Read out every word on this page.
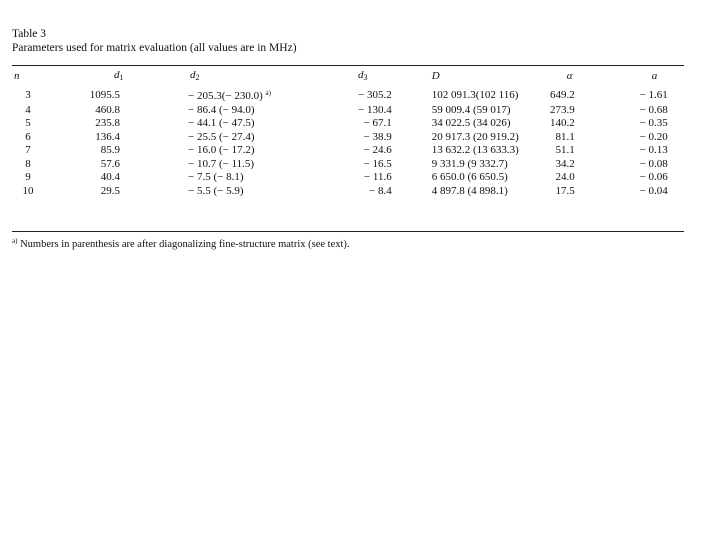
Table 3
Parameters used for matrix evaluation (all values are in MHz)
n	$d_1$	$d_2$	$d_3$	D	α	a
3	1095.5	− 205.3(− 230.0) $^{a)}$	− 305.2	102 091.3(102 116)	649.2	− 1.61
4	460.8	− 86.4 (− 94.0)	− 130.4	59 009.4 (59 017)	273.9	− 0.68
5	235.8	− 44.1 (− 47.5)	− 67.1	34 022.5 (34 026)	140.2	− 0.35
6	136.4	− 25.5 (− 27.4)	− 38.9	20 917.3 (20 919.2)	81.1	− 0.20
7	85.9	− 16.0 (− 17.2)	− 24.6	13 632.2 (13 633.3)	51.1	− 0.13
8	57.6	− 10.7 (− 11.5)	− 16.5	9 331.9 (9 332.7)	34.2	− 0.08
9	40.4	− 7.5 (− 8.1)	− 11.6	6 650.0 (6 650.5)	24.0	− 0.06
10	29.5	− 5.5 (− 5.9)	− 8.4	4 897.8 (4 898.1)	17.5	− 0.04
$^{a)}$ Numbers in parenthesis are after diagonalizing fine-structure matrix (see text).
